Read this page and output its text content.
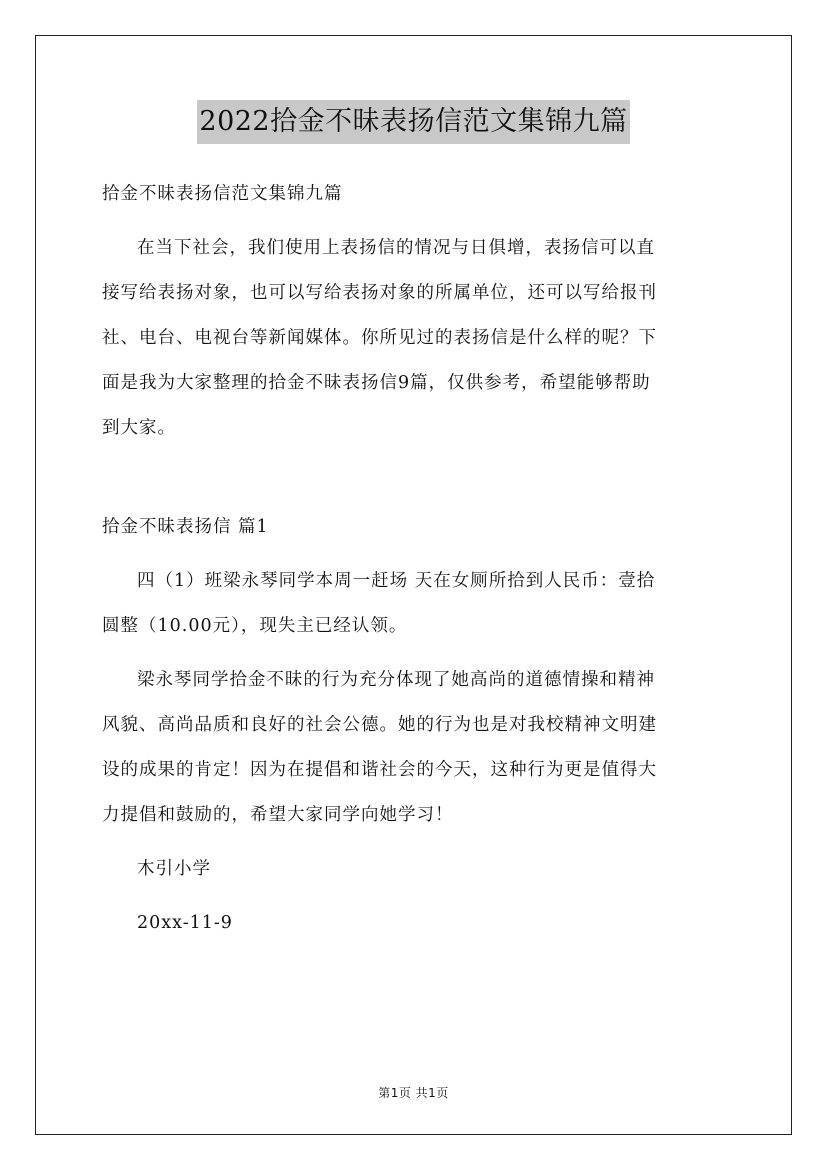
2022拾金不昧表扬信范文集锦九篇

拾金不昧表扬信范文集锦九篇

在当下社会，我们使用上表扬信的情况与日俱增，表扬信可以直
接写给表扬对象，也可以写给表扬对象的所属单位，还可以写给报刊
社、电台、电视台等新闻媒体。你所见过的表扬信是什么样的呢？下
面是我为大家整理的拾金不昧表扬信9篇，仅供参考，希望能够帮助
到大家。

拾金不昧表扬信 篇1

四（1）班梁永琴同学本周一赶场 天在女厕所拾到人民币：壹拾
圆整（10.00元），现失主已经认领。

梁永琴同学拾金不昧的行为充分体现了她高尚的道德情操和精神
风貌、高尚品质和良好的社会公德。她的行为也是对我校精神文明建
设的成果的肯定！因为在提倡和谐社会的今天，这种行为更是值得大
力提倡和鼓励的，希望大家同学向她学习！

木引小学

20xx-11-9

第1页 共1页
